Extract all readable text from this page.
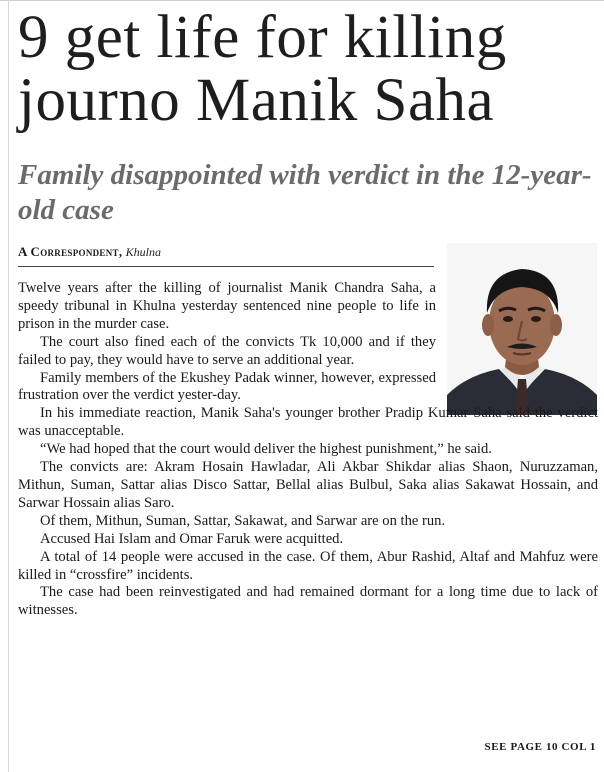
9 get life for killing journo Manik Saha
Family disappointed with verdict in the 12-year-old case
A Correspondent, Khulna

Twelve years after the killing of journalist Manik Chandra Saha, a speedy tribunal in Khulna yesterday sentenced nine people to life in prison in the murder case.

The court also fined each of the convicts Tk 10,000 and if they failed to pay, they would have to serve an additional year.

Family members of the Ekushey Padak winner, however, expressed frustration over the verdict yester-day.

In his immediate reaction, Manik Saha's younger brother Pradip Kumar Saha said the verdict was unacceptable.

“We had hoped that the court would deliver the highest punishment,” he said.

The convicts are: Akram Hosain Hawladar, Ali Akbar Shikdar alias Shaon, Nuruzzaman, Mithun, Suman, Sattar alias Disco Sattar, Bellal alias Bulbul, Saka alias Sakawat Hossain, and Sarwar Hossain alias Saro.

Of them, Mithun, Suman, Sattar, Sakawat, and Sarwar are on the run.

Accused Hai Islam and Omar Faruk were acquitted.

A total of 14 people were accused in the case. Of them, Abur Rashid, Altaf and Mahfuz were killed in “crossfire” incidents.

The case had been reinvestigated and had remained dormant for a long time due to lack of witnesses.

SEE PAGE 10 COL 1
